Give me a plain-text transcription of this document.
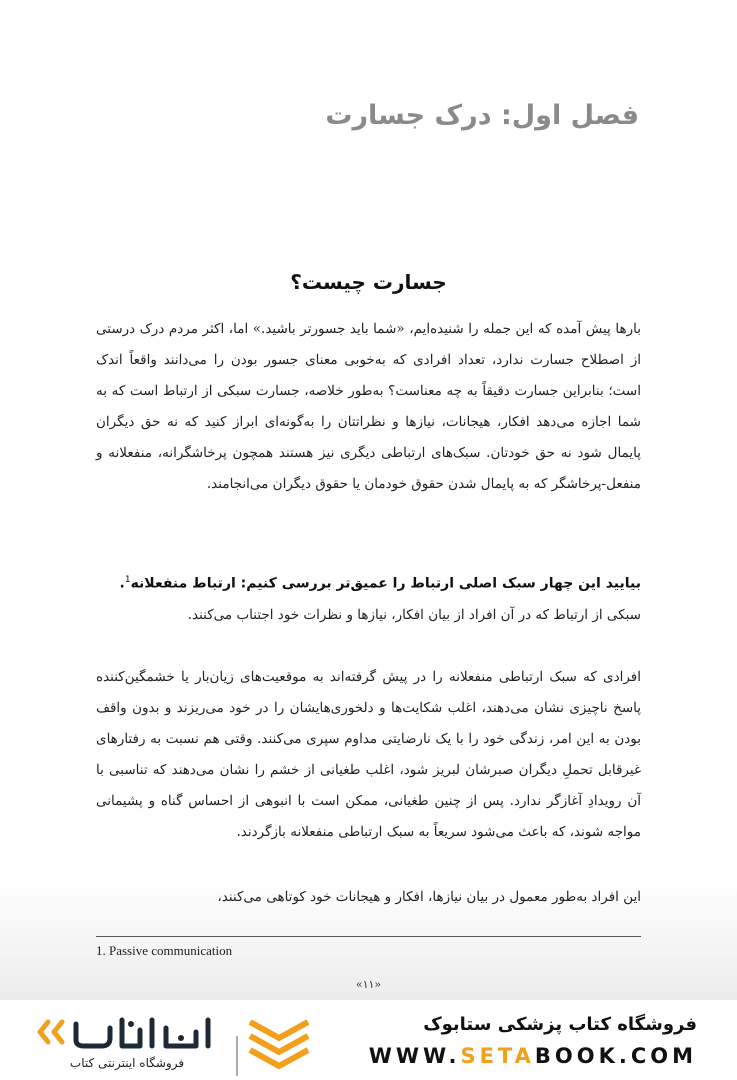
فصل اول: درک جسارت
جسارت چیست؟

بارها پیش آمده که این جمله را شنیده‌ایم، «شما باید جسورتر باشید.» اما، اکثر مردم درک درستی از اصطلاح جسارت ندارد، تعداد افرادی که به‌خوبی معنای جسور بودن را می‌دانند واقعاً اندک است؛ بنابراین جسارت دقیقاً به چه معناست؟ به‌طور خلاصه، جسارت سبکی از ارتباط است که به شما اجازه می‌دهد افکار، هیجانات، نیازها و نظراتتان را به‌گونه‌ای ابراز کنید که نه حق دیگران پایمال شود نه حق خودتان. سبک‌های ارتباطی دیگری نیز هستند همچون پرخاشگرانه، منفعلانه و منفعل-پرخاشگر که به پایمال شدن حقوق خودمان یا حقوق دیگران می‌انجامند.

بیایید این چهار سبک اصلی ارتباط را عمیق‌تر بررسی کنیم: ارتباط منفعلانه$^1$.

سبکی از ارتباط که در آن افراد از بیان افکار، نیازها و نظرات خود اجتناب می‌کنند.

افرادی که سبک ارتباطی منفعلانه را در پیش گرفته‌اند به موقعیت‌های زیان‌بار یا خشمگین‌کننده پاسخ ناچیزی نشان می‌دهند، اغلب شکایت‌ها و دلخوری‌هایشان را در خود می‌ریزند و بدون واقف بودن به این امر، زندگی خود را با یک نارضایتی مداوم سپری می‌کنند. وقتی هم نسبت به رفتارهای غیرقابل تحملِ دیگران صبرشان لبریز شود، اغلب طغیانی از خشم را نشان می‌دهند که تناسبی با آن رویدادِ آغازگر ندارد. پس از چنین طغیانی، ممکن است با انبوهی از احساس گناه و پشیمانی مواجه شوند، که باعث می‌شود سریعاً به سبک ارتباطی منفعلانه بازگردند.

این افراد به‌طور معمول در بیان نیازها، افکار و هیجانات خود کوتاهی می‌کنند،

1. Passive communication
«۱۱»
فروشگاه اینترنتی کتاب
فروشگاه کتاب پزشکی ستابوک
WWW.SETABOOK.COM
